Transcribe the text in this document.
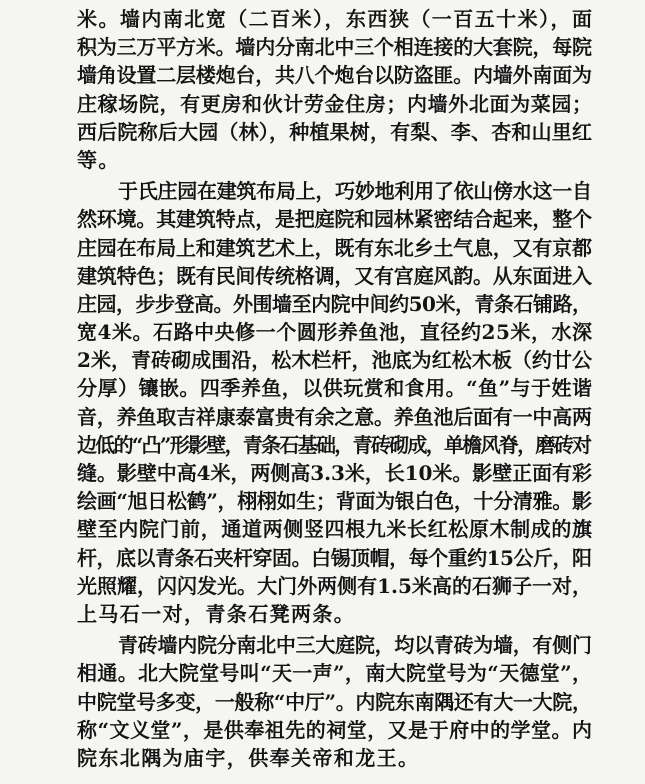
米。墙内南北宽（二百米），东西狭（一百五十米），面
积为三万平方米。墙内分南北中三个相连接的大套院，每院
墙角设置二层楼炮台，共八个炮台以防盗匪。内墙外南面为
庄稼场院，有更房和伙计劳金住房；内墙外北面为菜园；
西后院称后大园（林），种植果树，有梨、李、杏和山里红
等。
于氏庄园在建筑布局上，巧妙地利用了依山傍水这一自
然环境。其建筑特点，是把庭院和园林紧密结合起来，整个
庄园在布局上和建筑艺术上，既有东北乡土气息，又有京都
建筑特色；既有民间传统格调，又有宫庭风韵。从东面进入
庄园，步步登高。外围墙至内院中间约50米，青条石铺路，
宽4米。石路中央修一个圆形养鱼池，直径约25米，水深
2米，青砖砌成围沿，松木栏杆，池底为红松木板（约廿公
分厚）镶嵌。四季养鱼，以供玩赏和食用。“鱼”与于姓谐
音，养鱼取吉祥康泰富贵有余之意。养鱼池后面有一中高两
边低的“凸”形影壁，青条石基础，青砖砌成，单檐风脊，磨砖对
缝。影壁中高4米，两侧高3.3米，长10米。影壁正面有彩
绘画“旭日松鹤”，栩栩如生；背面为银白色，十分清雅。影
壁至内院门前，通道两侧竖四根九米长红松原木制成的旗
杆，底以青条石夹杆穿固。白锡顶帽，每个重约15公斤，阳
光照耀，闪闪发光。大门外两侧有1.5米高的石狮子一对，
上马石一对，青条石凳两条。
青砖墙内院分南北中三大庭院，均以青砖为墙，有侧门
相通。北大院堂号叫“天一声”，南大院堂号为“天德堂”，
中院堂号多变，一般称“中厅”。内院东南隅还有大一大院，
称“文义堂”，是供奉祖先的祠堂，又是于府中的学堂。内
院东北隅为庙宇，供奉关帝和龙王。
